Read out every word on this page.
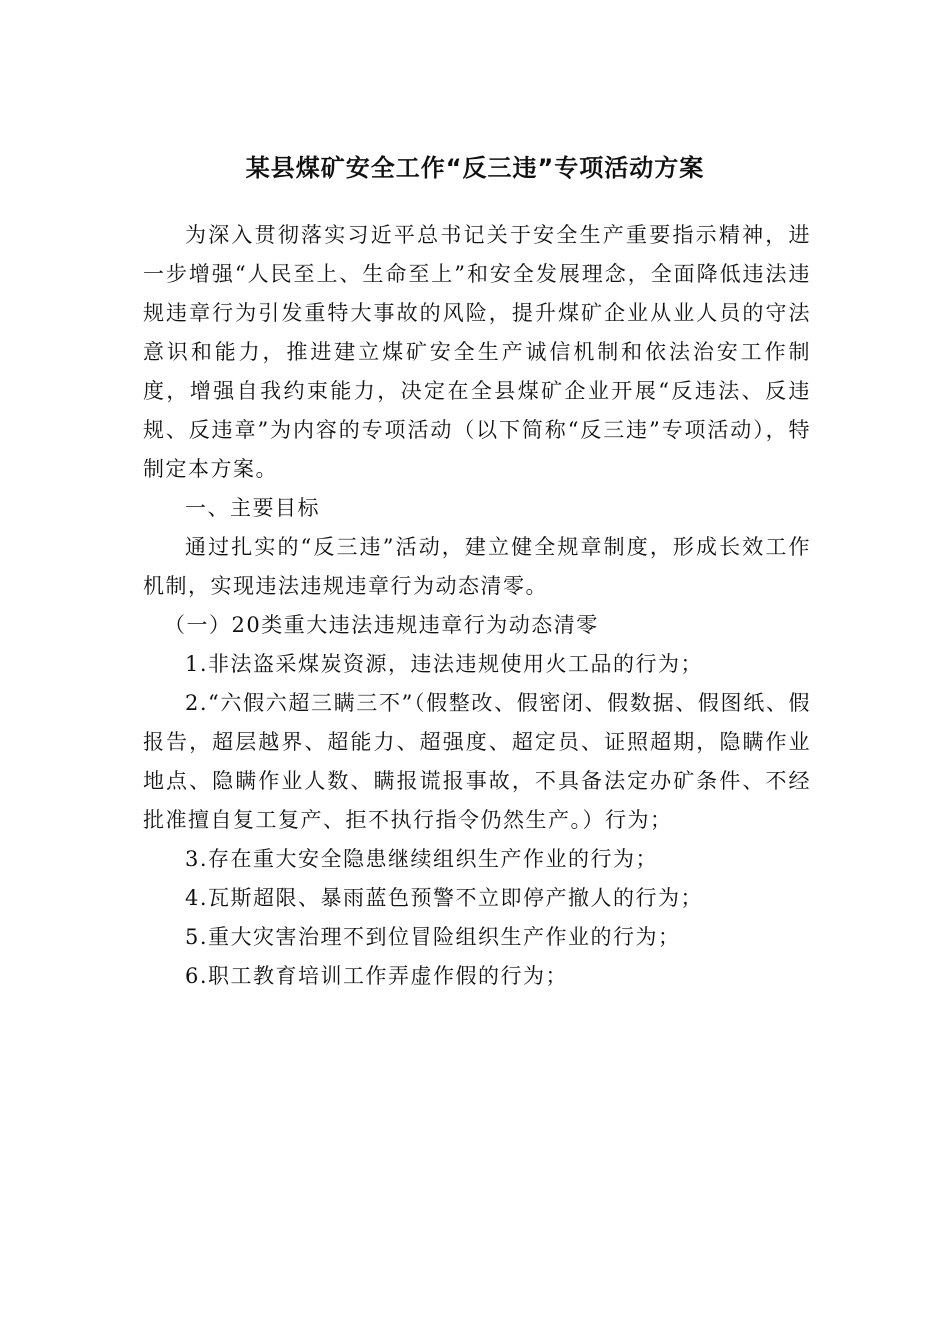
某县煤矿安全工作“反三违”专项活动方案

为深入贯彻落实习近平总书记关于安全生产重要指示精神，进一步增强“人民至上、生命至上”和安全发展理念，全面降低违法违规违章行为引发重特大事故的风险，提升煤矿企业从业人员的守法意识和能力，推进建立煤矿安全生产诚信机制和依法治安工作制度，增强自我约束能力，决定在全县煤矿企业开展“反违法、反违规、反违章”为内容的专项活动（以下简称“反三违”专项活动），特制定本方案。

一、主要目标

通过扎实的“反三违”活动，建立健全规章制度，形成长效工作机制，实现违法违规违章行为动态清零。

（一）20类重大违法违规违章行为动态清零

1.非法盗采煤炭资源，违法违规使用火工品的行为；

2.“六假六超三瞒三不”（假整改、假密闭、假数据、假图纸、假报告，超层越界、超能力、超强度、超定员、证照超期，隐瞒作业地点、隐瞒作业人数、瞒报谎报事故，不具备法定办矿条件、不经批准擅自复工复产、拒不执行指令仍然生产。）行为；

3.存在重大安全隐患继续组织生产作业的行为；

4.瓦斯超限、暴雨蓝色预警不立即停产撤人的行为；

5.重大灾害治理不到位冒险组织生产作业的行为；

6.职工教育培训工作弄虚作假的行为；
